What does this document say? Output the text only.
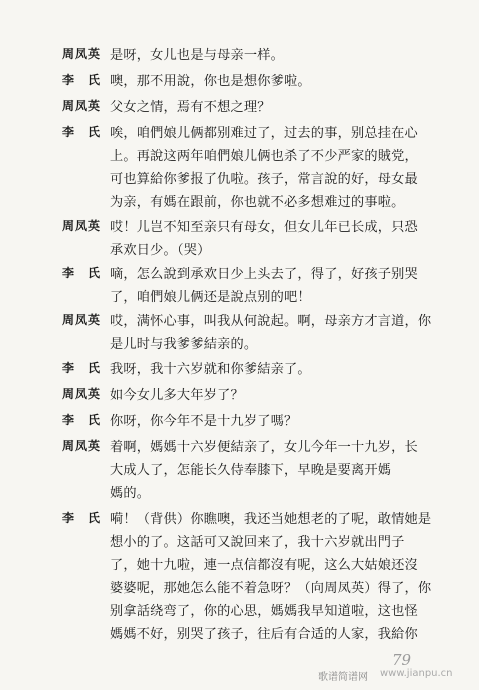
周凤英 是呀，女儿也是与母亲一样。
李　氏 噢，那不用說，你也是想你爹啦。
周凤英 父女之情，焉有不想之理？
李　氏 唉，咱們娘儿俩都别难过了，过去的事，别总挂在心
上。再說这两年咱們娘儿俩也杀了不少严家的賊党，
可也算給你爹报了仇啦。孩子，常言說的好，母女最
为亲，有媽在跟前，你也就不必多想难过的事啦。
周凤英 哎！儿岂不知至亲只有母女，但女儿年已长成，只恐
承欢日少。（哭）
李　氏 嘀，怎么說到承欢日少上头去了，得了，好孩子别哭
了，咱們娘儿俩还是說点别的吧！
周凤英 哎，满怀心事，叫我从何說起。啊，母亲方才言道，你
是儿时与我爹爹結亲的。
李　氏 我呀，我十六岁就和你爹結亲了。
周凤英 如今女儿多大年岁了？
李　氏 你呀，你今年不是十九岁了嗎？
周凤英 着啊，媽媽十六岁便結亲了，女儿今年一十九岁，长
大成人了，怎能长久侍奉膝下，早晚是要离开媽
媽的。
李　氏 嗬！（背供）你瞧噢，我还当她想老的了呢，敢情她是
想小的了。这話可又說回来了，我十六岁就出門子
了，她十九啦，連一点信都沒有呢，这么大姑娘还沒
婆婆呢，那她怎么能不着急呀？（向周凤英）得了，你
别拿話绕弯了，你的心思，媽媽我早知道啦，这也怪
媽媽不好，别哭了孩子，往后有合适的人家，我給你
79
歌谱简谱网 www.jianpu.cn
